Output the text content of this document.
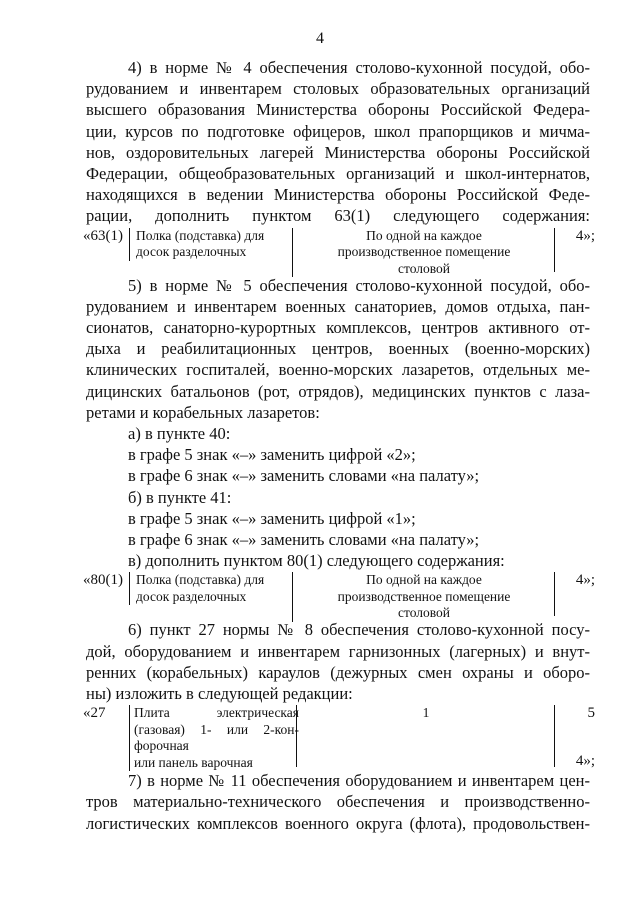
4
4) в норме № 4 обеспечения столово-кухонной посудой, обо-
рудованием и инвентарем столовых образовательных организаций
высшего образования Министерства обороны Российской Федера-
ции, курсов по подготовке офицеров, школ прапорщиков и мичма-
нов, оздоровительных лагерей Министерства обороны Российской
Федерации, общеобразовательных организаций и школ-интернатов,
находящихся в ведении Министерства обороны Российской Феде-
рации, дополнить пунктом 63(1) следующего содержания:
«63(1) Полка (подставка) для
досок разделочных
По одной на каждое
производственное помещение
столовой
4»;
5) в норме № 5 обеспечения столово-кухонной посудой, обо-
рудованием и инвентарем военных санаториев, домов отдыха, пан-
сионатов, санаторно-курортных комплексов, центров активного от-
дыха и реабилитационных центров, военных (военно-морских)
клинических госпиталей, военно-морских лазаретов, отдельных ме-
дицинских батальонов (рот, отрядов), медицинских пунктов с лаза-
ретами и корабельных лазаретов:
а) в пункте 40:
в графе 5 знак «–» заменить цифрой «2»;
в графе 6 знак «–» заменить словами «на палату»;
б) в пункте 41:
в графе 5 знак «–» заменить цифрой «1»;
в графе 6 знак «–» заменить словами «на палату»;
в) дополнить пунктом 80(1) следующего содержания:
«80(1) Полка (подставка) для
досок разделочных
По одной на каждое
производственное помещение
столовой
4»;
6) пункт 27 нормы № 8 обеспечения столово-кухонной посу-
дой, оборудованием и инвентарем гарнизонных (лагерных) и внут-
ренних (корабельных) караулов (дежурных смен охраны и оборо-
ны) изложить в следующей редакции:
«27 Плита электрическая
(газовая) 1- или 2-кон-
форочная
или панель варочная
1	5
4»;
7) в норме № 11 обеспечения оборудованием и инвентарем цен-
тров материально-технического обеспечения и производственно-
логистических комплексов военного округа (флота), продовольствен-
